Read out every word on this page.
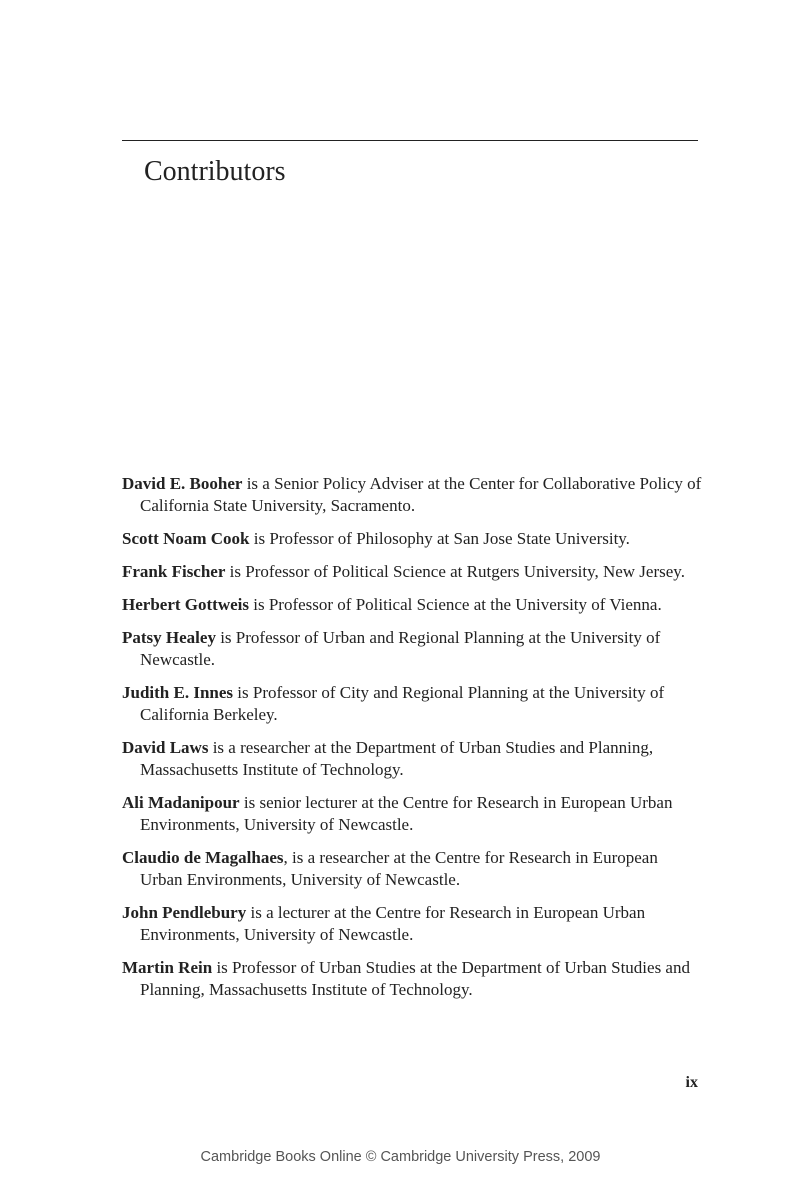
Contributors

David E. Booher is a Senior Policy Adviser at the Center for Collaborative Policy of California State University, Sacramento.

Scott Noam Cook is Professor of Philosophy at San Jose State University.

Frank Fischer is Professor of Political Science at Rutgers University, New Jersey.

Herbert Gottweis is Professor of Political Science at the University of Vienna.

Patsy Healey is Professor of Urban and Regional Planning at the University of Newcastle.

Judith E. Innes is Professor of City and Regional Planning at the University of California Berkeley.

David Laws is a researcher at the Department of Urban Studies and Planning, Massachusetts Institute of Technology.

Ali Madanipour is senior lecturer at the Centre for Research in European Urban Environments, University of Newcastle.

Claudio de Magalhaes, is a researcher at the Centre for Research in European Urban Environments, University of Newcastle.

John Pendlebury is a lecturer at the Centre for Research in European Urban Environments, University of Newcastle.

Martin Rein is Professor of Urban Studies at the Department of Urban Studies and Planning, Massachusetts Institute of Technology.

ix
Cambridge Books Online © Cambridge University Press, 2009
